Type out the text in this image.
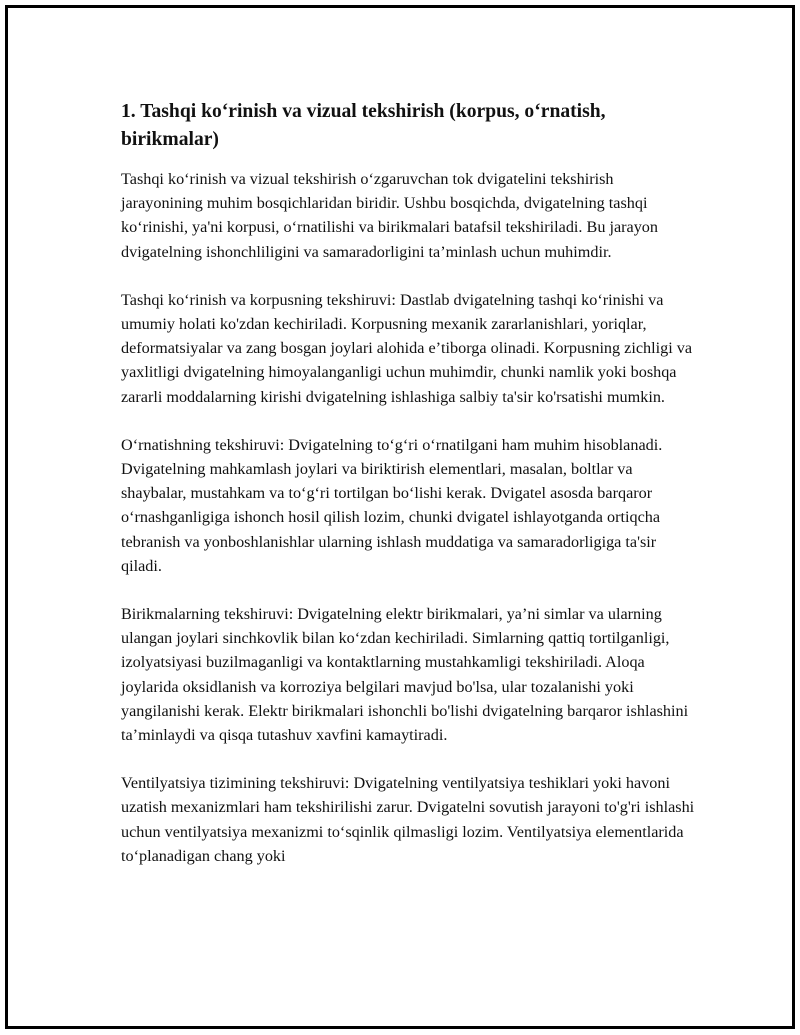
1. Tashqi koʻrinish va vizual tekshirish (korpus, oʻrnatish, birikmalar)

Tashqi koʻrinish va vizual tekshirish oʻzgaruvchan tok dvigatelini tekshirish jarayonining muhim bosqichlaridan biridir. Ushbu bosqichda, dvigatelning tashqi koʻrinishi, ya'ni korpusi, oʻrnatilishi va birikmalari batafsil tekshiriladi. Bu jarayon dvigatelning ishonchliligini va samaradorligini taʼminlash uchun muhimdir.

Tashqi koʻrinish va korpusning tekshiruvi: Dastlab dvigatelning tashqi koʻrinishi va umumiy holati ko'zdan kechiriladi. Korpusning mexanik zararlanishlari, yoriqlar, deformatsiyalar va zang bosgan joylari alohida eʼtiborga olinadi. Korpusning zichligi va yaxlitligi dvigatelning himoyalanganligi uchun muhimdir, chunki namlik yoki boshqa zararli moddalarning kirishi dvigatelning ishlashiga salbiy ta'sir ko'rsatishi mumkin.

Oʻrnatishning tekshiruvi: Dvigatelning toʻgʻri oʻrnatilgani ham muhim hisoblanadi. Dvigatelning mahkamlash joylari va biriktirish elementlari, masalan, boltlar va shaybalar, mustahkam va toʻgʻri tortilgan boʻlishi kerak. Dvigatel asosda barqaror oʻrnashganligiga ishonch hosil qilish lozim, chunki dvigatel ishlayotganda ortiqcha tebranish va yonboshlanishlar ularning ishlash muddatiga va samaradorligiga ta'sir qiladi.

Birikmalarning tekshiruvi: Dvigatelning elektr birikmalari, yaʼni simlar va ularning ulangan joylari sinchkovlik bilan koʻzdan kechiriladi. Simlarning qattiq tortilganligi, izolyatsiyasi buzilmaganligi va kontaktlarning mustahkamligi tekshiriladi. Aloqa joylarida oksidlanish va korroziya belgilari mavjud bo'lsa, ular tozalanishi yoki yangilanishi kerak. Elektr birikmalari ishonchli bo'lishi dvigatelning barqaror ishlashini taʼminlaydi va qisqa tutashuv xavfini kamaytiradi.

Ventilyatsiya tizimining tekshiruvi: Dvigatelning ventilyatsiya teshiklari yoki havoni uzatish mexanizmlari ham tekshirilishi zarur. Dvigatelni sovutish jarayoni to'g'ri ishlashi uchun ventilyatsiya mexanizmi toʻsqinlik qilmasligi lozim. Ventilyatsiya elementlarida toʻplanadigan chang yoki
